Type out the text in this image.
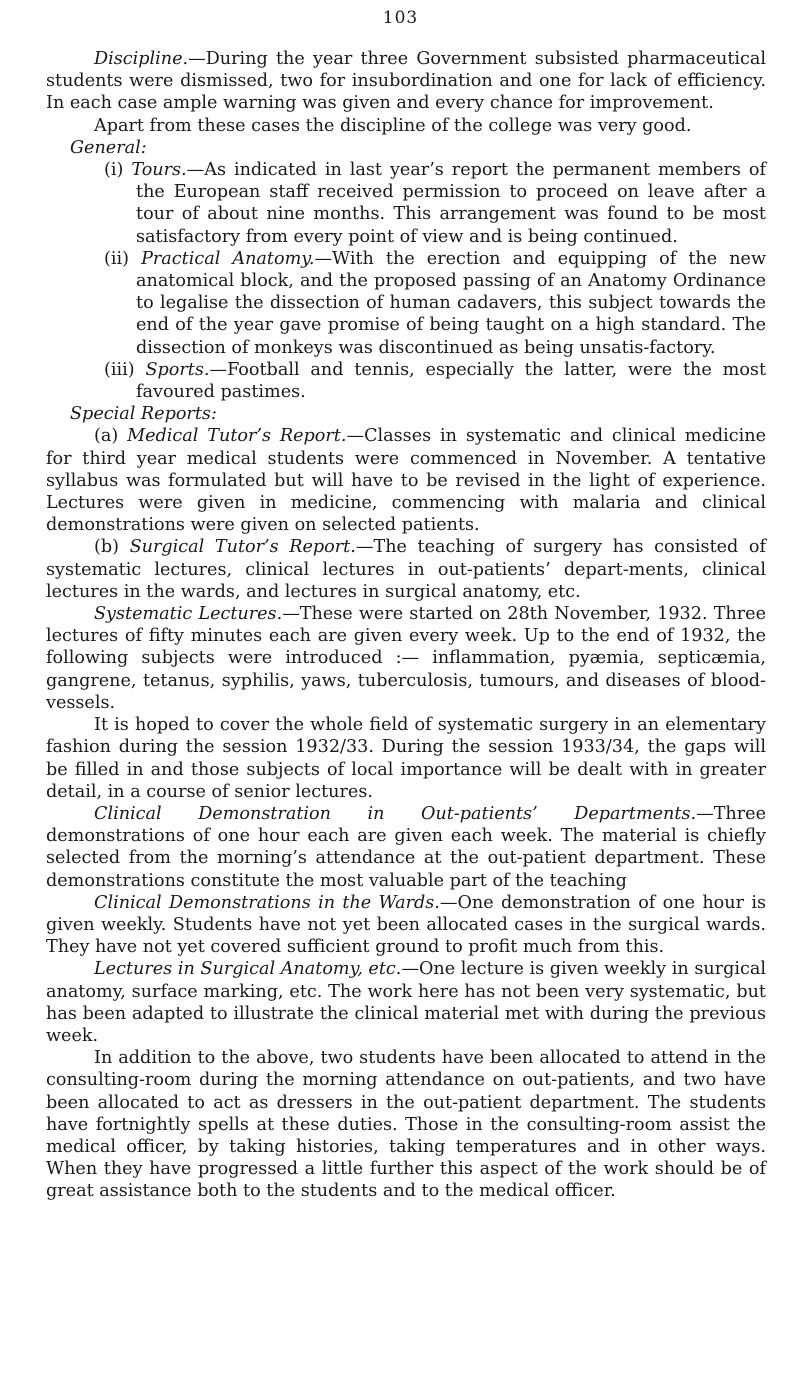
103

Discipline.—During the year three Government subsisted pharmaceutical students were dismissed, two for insubordination and one for lack of efficiency. In each case ample warning was given and every chance for improvement.

Apart from these cases the discipline of the college was very good.

General:

(i) Tours.—As indicated in last year’s report the permanent members of the European staff received permission to proceed on leave after a tour of about nine months. This arrangement was found to be most satisfactory from every point of view and is being continued.

(ii) Practical Anatomy.—With the erection and equipping of the new anatomical block, and the proposed passing of an Anatomy Ordinance to legalise the dissection of human cadavers, this subject towards the end of the year gave promise of being taught on a high standard. The dissection of monkeys was discontinued as being unsatis-factory.

(iii) Sports.—Football and tennis, especially the latter, were the most favoured pastimes.

Special Reports:

(a) Medical Tutor’s Report.—Classes in systematic and clinical medicine for third year medical students were commenced in November. A tentative syllabus was formulated but will have to be revised in the light of experience. Lectures were given in medicine, commencing with malaria and clinical demonstrations were given on selected patients.

(b) Surgical Tutor’s Report.—The teaching of surgery has consisted of systematic lectures, clinical lectures in out-patients’ depart-ments, clinical lectures in the wards, and lectures in surgical anatomy, etc.

Systematic Lectures.—These were started on 28th November, 1932. Three lectures of fifty minutes each are given every week. Up to the end of 1932, the following subjects were introduced :— inflammation, pyæmia, septicæmia, gangrene, tetanus, syphilis, yaws, tuberculosis, tumours, and diseases of blood-vessels.

It is hoped to cover the whole field of systematic surgery in an elementary fashion during the session 1932/33. During the session 1933/34, the gaps will be filled in and those subjects of local importance will be dealt with in greater detail, in a course of senior lectures.

Clinical Demonstration in Out-patients’ Departments.—Three demonstrations of one hour each are given each week. The material is chiefly selected from the morning’s attendance at the out-patient department. These demonstrations constitute the most valuable part of the teaching

Clinical Demonstrations in the Wards.—One demonstration of one hour is given weekly. Students have not yet been allocated cases in the surgical wards. They have not yet covered sufficient ground to profit much from this.

Lectures in Surgical Anatomy, etc.—One lecture is given weekly in surgical anatomy, surface marking, etc. The work here has not been very systematic, but has been adapted to illustrate the clinical material met with during the previous week.

In addition to the above, two students have been allocated to attend in the consulting-room during the morning attendance on out-patients, and two have been allocated to act as dressers in the out-patient department. The students have fortnightly spells at these duties. Those in the consulting-room assist the medical officer, by taking histories, taking temperatures and in other ways. When they have progressed a little further this aspect of the work should be of great assistance both to the students and to the medical officer.
